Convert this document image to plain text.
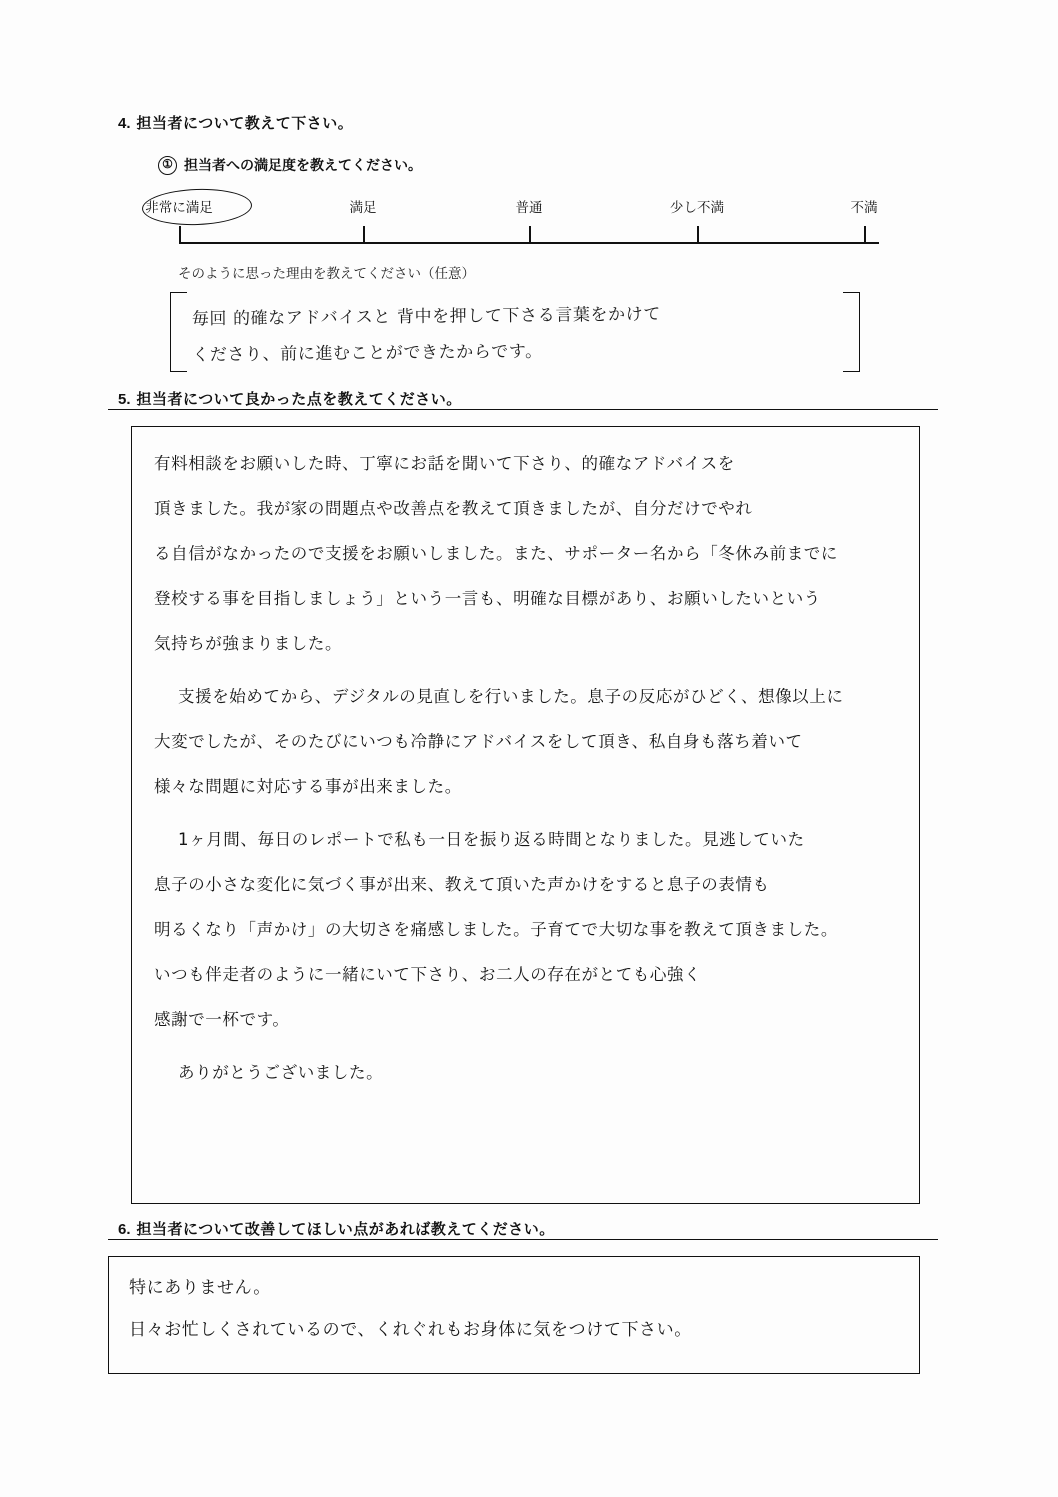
4. 担当者について教えて下さい。
① 担当者への満足度を教えてください。
非常に満足	満足	普通	少し不満	不満
そのように思った理由を教えてください（任意）
毎回 的確なアドバイスと 背中を押して下さる言葉をかけて
くださり、前に進むことができたからです。
5. 担当者について良かった点を教えてください。

有料相談をお願いした時、丁寧にお話を聞いて下さり、的確なアドバイスを

頂きました。我が家の問題点や改善点を教えて頂きましたが、自分だけでやれ

る自信がなかったので支援をお願いしました。また、サポーター名から「冬休み前までに

登校する事を目指しましょう」という一言も、明確な目標があり、お願いしたいという

気持ちが強まりました。

支援を始めてから、デジタルの見直しを行いました。息子の反応がひどく、想像以上に

大変でしたが、そのたびにいつも冷静にアドバイスをして頂き、私自身も落ち着いて

様々な問題に対応する事が出来ました。

1ヶ月間、毎日のレポートで私も一日を振り返る時間となりました。見逃していた

息子の小さな変化に気づく事が出来、教えて頂いた声かけをすると息子の表情も

明るくなり「声かけ」の大切さを痛感しました。子育てで大切な事を教えて頂きました。

いつも伴走者のように一緒にいて下さり、お二人の存在がとても心強く

感謝で一杯です。

ありがとうございました。

6. 担当者について改善してほしい点があれば教えてください。

特にありません。

日々お忙しくされているので、くれぐれもお身体に気をつけて下さい。
